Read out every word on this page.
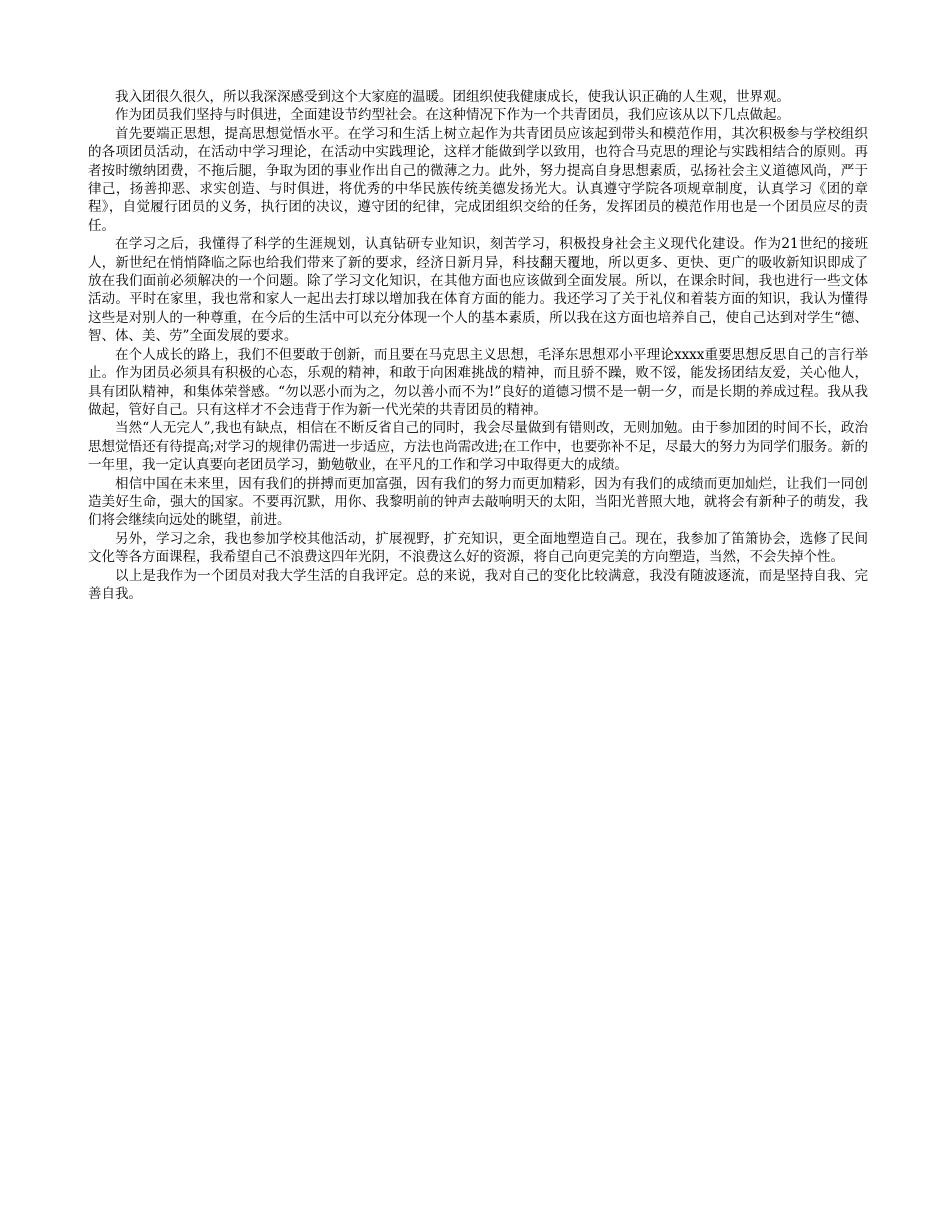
我入团很久很久，所以我深深感受到这个大家庭的温暖。团组织使我健康成长，使我认识正确的人生观，世界观。

作为团员我们坚持与时俱进，全面建设节约型社会。在这种情况下作为一个共青团员，我们应该从以下几点做起。

首先要端正思想，提高思想觉悟水平。在学习和生活上树立起作为共青团员应该起到带头和模范作用，其次积极参与学校组织的各项团员活动，在活动中学习理论，在活动中实践理论，这样才能做到学以致用，也符合马克思的理论与实践相结合的原则。再者按时缴纳团费，不拖后腿，争取为团的事业作出自己的微薄之力。此外，努力提高自身思想素质，弘扬社会主义道德风尚，严于律己，扬善抑恶、求实创造、与时俱进，将优秀的中华民族传统美德发扬光大。认真遵守学院各项规章制度，认真学习《团的章程》，自觉履行团员的义务，执行团的决议，遵守团的纪律，完成团组织交给的任务，发挥团员的模范作用也是一个团员应尽的责任。

在学习之后，我懂得了科学的生涯规划，认真钻研专业知识，刻苦学习，积极投身社会主义现代化建设。作为21世纪的接班人，新世纪在悄悄降临之际也给我们带来了新的要求，经济日新月异，科技翻天覆地，所以更多、更快、更广的吸收新知识即成了放在我们面前必须解决的一个问题。除了学习文化知识，在其他方面也应该做到全面发展。所以，在课余时间，我也进行一些文体活动。平时在家里，我也常和家人一起出去打球以增加我在体育方面的能力。我还学习了关于礼仪和着装方面的知识，我认为懂得这些是对别人的一种尊重，在今后的生活中可以充分体现一个人的基本素质，所以我在这方面也培养自己，使自己达到对学生“德、智、体、美、劳”全面发展的要求。

在个人成长的路上，我们不但要敢于创新，而且要在马克思主义思想，毛泽东思想邓小平理论xxxx重要思想反思自己的言行举止。作为团员必须具有积极的心态，乐观的精神，和敢于向困难挑战的精神，而且骄不躁，败不馁，能发扬团结友爱，关心他人，具有团队精神，和集体荣誉感。“勿以恶小而为之，勿以善小而不为!”良好的道德习惯不是一朝一夕，而是长期的养成过程。我从我做起，管好自己。只有这样才不会违背于作为新一代光荣的共青团员的精神。

当然“人无完人”,我也有缺点，相信在不断反省自己的同时，我会尽量做到有错则改，无则加勉。由于参加团的时间不长，政治思想觉悟还有待提高;对学习的规律仍需进一步适应，方法也尚需改进;在工作中，也要弥补不足，尽最大的努力为同学们服务。新的一年里，我一定认真要向老团员学习，勤勉敬业，在平凡的工作和学习中取得更大的成绩。

相信中国在未来里，因有我们的拼搏而更加富强，因有我们的努力而更加精彩，因为有我们的成绩而更加灿烂，让我们一同创造美好生命，强大的国家。不要再沉默，用你、我黎明前的钟声去敲响明天的太阳，当阳光普照大地，就将会有新种子的萌发，我们将会继续向远处的眺望，前进。

另外，学习之余，我也参加学校其他活动，扩展视野，扩充知识，更全面地塑造自己。现在，我参加了笛箫协会，选修了民间文化等各方面课程，我希望自己不浪费这四年光阴，不浪费这么好的资源，将自己向更完美的方向塑造，当然，不会失掉个性。

以上是我作为一个团员对我大学生活的自我评定。总的来说，我对自己的变化比较满意，我没有随波逐流，而是坚持自我、完善自我。
